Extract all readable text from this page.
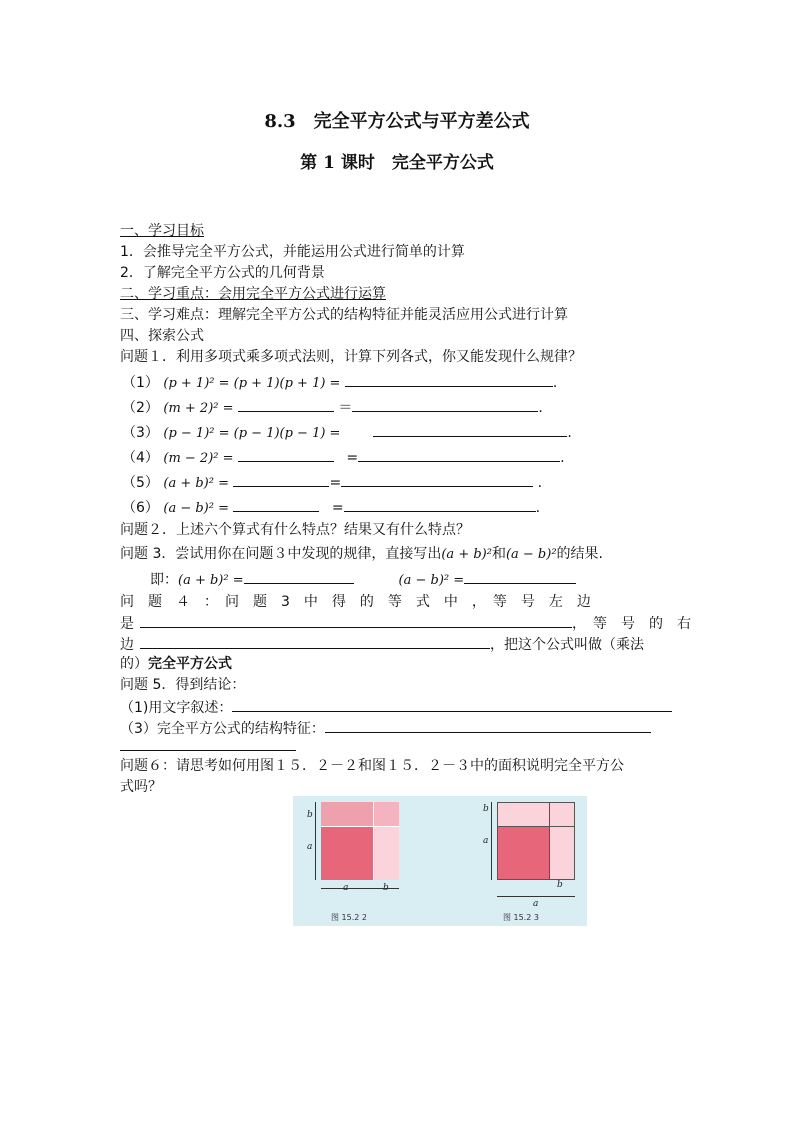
8.3　完全平方公式与平方差公式
第 1 课时　完全平方公式
一、学习目标
1．会推导完全平方公式，并能运用公式进行简单的计算
2．了解完全平方公式的几何背景
二、学习重点：会用完全平方公式进行运算
三、学习难点：理解完全平方公式的结构特征并能灵活应用公式进行计算
四、探索公式
问题１．利用多项式乘多项式法则，计算下列各式，你又能发现什么规律？
（1） (p + 1)² = (p + 1)(p + 1) =	.
（2） (m + 2)² =	＝	.
（3） (p − 1)² = (p − 1)(p − 1) =	.
（4） (m − 2)² =	=	.
（5） (a + b)² =	=	.
（6） (a − b)² =	=	.
问题２．上述六个算式有什么特点？结果又有什么特点？
问题 3．尝试用你在问题３中发现的规律，直接写出(a + b)²和(a − b)²的结果.
即：(a + b)² =	(a − b)² =
问　题　４　：　问　题　3　中　得　的　等　式　中　，　等　号　左　边
是	，　等　号　的　右
边	，把这个公式叫做（乘法
的）完全平方公式
问题 5．得到结论：
（1)用文字叙述：
（3）完全平方公式的结构特征：
问题６：请思考如何用图１５．２－２和图１５．２－３中的面积说明完全平方公
式吗？
b
a
图 15.2 2
b
a
b
a
图 15.2 3
